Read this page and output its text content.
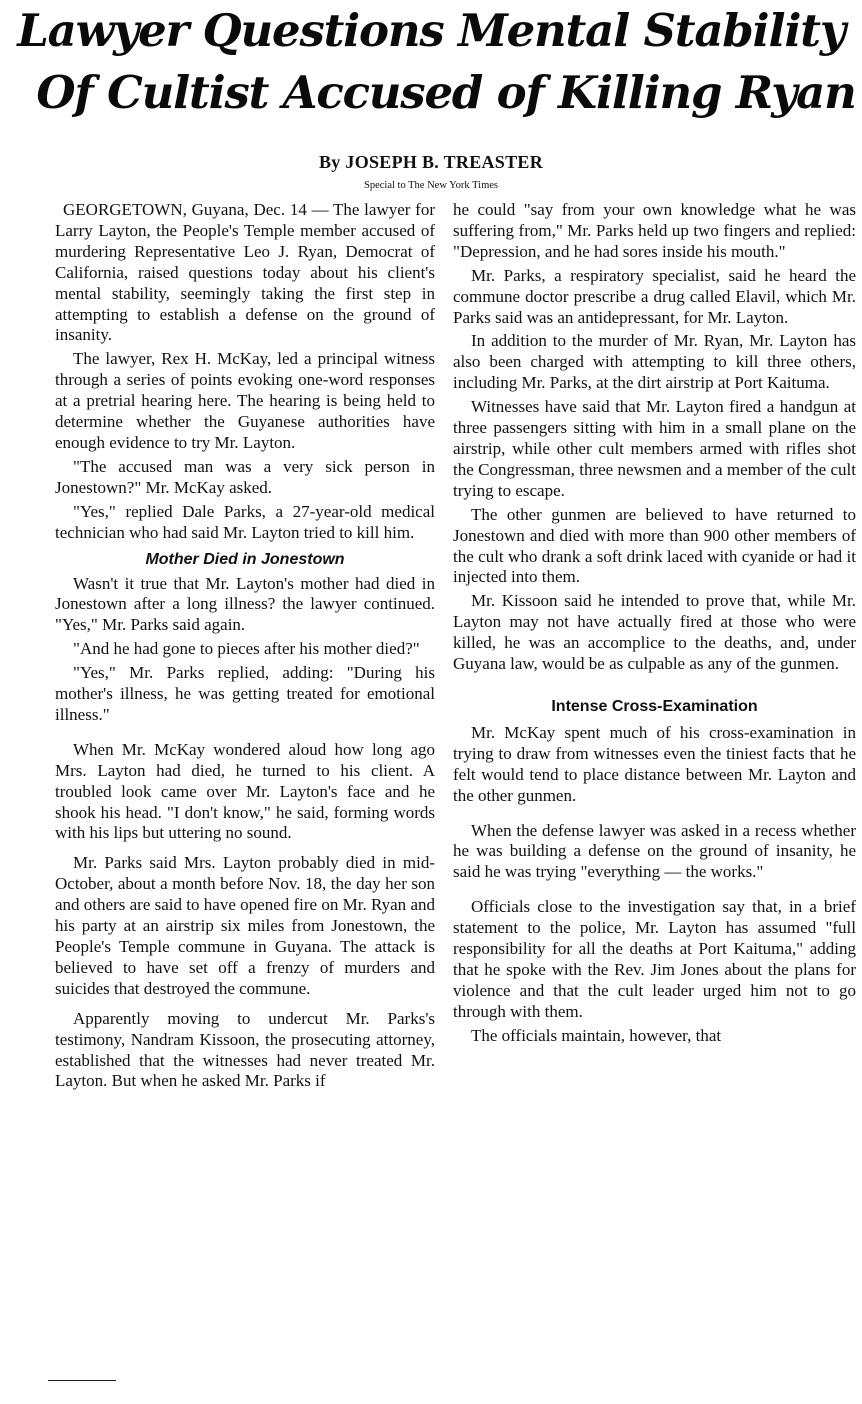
Lawyer Questions Mental Stability
Of Cultist Accused of Killing Ryan
By JOSEPH B. TREASTER
Special to The New York Times

GEORGETOWN, Guyana, Dec. 14 — The lawyer for Larry Layton, the People's Temple member accused of murdering Representative Leo J. Ryan, Democrat of California, raised questions today about his client's mental stability, seemingly taking the first step in attempting to establish a defense on the ground of insanity.

The lawyer, Rex H. McKay, led a principal witness through a series of points evoking one-word responses at a pretrial hearing here. The hearing is being held to determine whether the Guyanese authorities have enough evidence to try Mr. Layton.

"The accused man was a very sick person in Jonestown?" Mr. McKay asked.

"Yes," replied Dale Parks, a 27-year-old medical technician who had said Mr. Layton tried to kill him.

Mother Died in Jonestown

Wasn't it true that Mr. Layton's mother had died in Jonestown after a long illness? the lawyer continued. "Yes," Mr. Parks said again.

"And he had gone to pieces after his mother died?"

"Yes," Mr. Parks replied, adding: "During his mother's illness, he was getting treated for emotional illness."

When Mr. McKay wondered aloud how long ago Mrs. Layton had died, he turned to his client. A troubled look came over Mr. Layton's face and he shook his head. "I don't know," he said, forming words with his lips but uttering no sound.

Mr. Parks said Mrs. Layton probably died in mid-October, about a month before Nov. 18, the day her son and others are said to have opened fire on Mr. Ryan and his party at an airstrip six miles from Jonestown, the People's Temple commune in Guyana. The attack is believed to have set off a frenzy of murders and suicides that destroyed the commune.

Apparently moving to undercut Mr. Parks's testimony, Nandram Kissoon, the prosecuting attorney, established that the witnesses had never treated Mr. Layton. But when he asked Mr. Parks if

he could "say from your own knowledge what he was suffering from," Mr. Parks held up two fingers and replied: "Depression, and he had sores inside his mouth."

Mr. Parks, a respiratory specialist, said he heard the commune doctor prescribe a drug called Elavil, which Mr. Parks said was an antidepressant, for Mr. Layton.

In addition to the murder of Mr. Ryan, Mr. Layton has also been charged with attempting to kill three others, including Mr. Parks, at the dirt airstrip at Port Kaituma.

Witnesses have said that Mr. Layton fired a handgun at three passengers sitting with him in a small plane on the airstrip, while other cult members armed with rifles shot the Congressman, three newsmen and a member of the cult trying to escape.

The other gunmen are believed to have returned to Jonestown and died with more than 900 other members of the cult who drank a soft drink laced with cyanide or had it injected into them.

Mr. Kissoon said he intended to prove that, while Mr. Layton may not have actually fired at those who were killed, he was an accomplice to the deaths, and, under Guyana law, would be as culpable as any of the gunmen.

Intense Cross-Examination

Mr. McKay spent much of his cross-examination in trying to draw from witnesses even the tiniest facts that he felt would tend to place distance between Mr. Layton and the other gunmen.

When the defense lawyer was asked in a recess whether he was building a defense on the ground of insanity, he said he was trying "everything — the works."

Officials close to the investigation say that, in a brief statement to the police, Mr. Layton has assumed "full responsibility for all the deaths at Port Kaituma," adding that he spoke with the Rev. Jim Jones about the plans for violence and that the cult leader urged him not to go through with them.

The officials maintain, however, that
